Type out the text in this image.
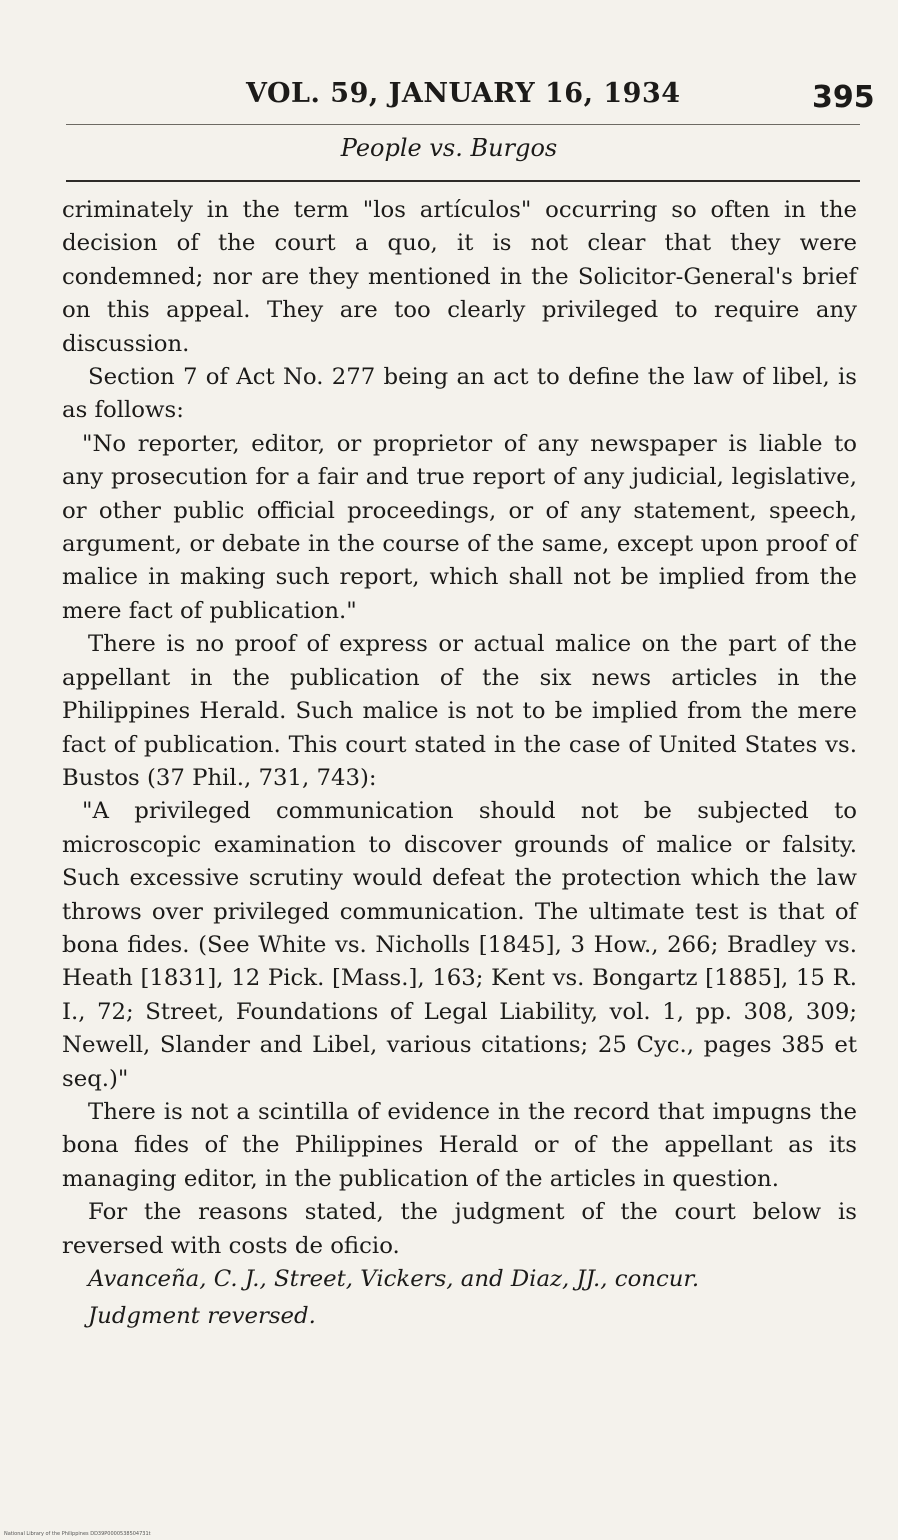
VOL. 59, JANUARY 16, 1934	395
People vs. Burgos

criminately in the term "los artículos" occurring so often in the decision of the court a quo, it is not clear that they were condemned; nor are they mentioned in the Solicitor-General's brief on this appeal. They are too clearly privileged to require any discussion.

Section 7 of Act No. 277 being an act to define the law of libel, is as follows:

"No reporter, editor, or proprietor of any newspaper is liable to any prosecution for a fair and true report of any judicial, legislative, or other public official proceedings, or of any statement, speech, argument, or debate in the course of the same, except upon proof of malice in making such report, which shall not be implied from the mere fact of publication."

There is no proof of express or actual malice on the part of the appellant in the publication of the six news articles in the Philippines Herald. Such malice is not to be implied from the mere fact of publication. This court stated in the case of United States vs. Bustos (37 Phil., 731, 743):

"A privileged communication should not be subjected to microscopic examination to discover grounds of malice or falsity. Such excessive scrutiny would defeat the protection which the law throws over privileged communication. The ultimate test is that of bona fides. (See White vs. Nicholls [1845], 3 How., 266; Bradley vs. Heath [1831], 12 Pick. [Mass.], 163; Kent vs. Bongartz [1885], 15 R. I., 72; Street, Foundations of Legal Liability, vol. 1, pp. 308, 309; Newell, Slander and Libel, various citations; 25 Cyc., pages 385 et seq.)"

There is not a scintilla of evidence in the record that impugns the bona fides of the Philippines Herald or of the appellant as its managing editor, in the publication of the articles in question.

For the reasons stated, the judgment of the court below is reversed with costs de oficio.

Avanceña, C. J., Street, Vickers, and Diaz, JJ., concur.

Judgment reversed.

National Library of the Philippines DD39P0000538504731t
